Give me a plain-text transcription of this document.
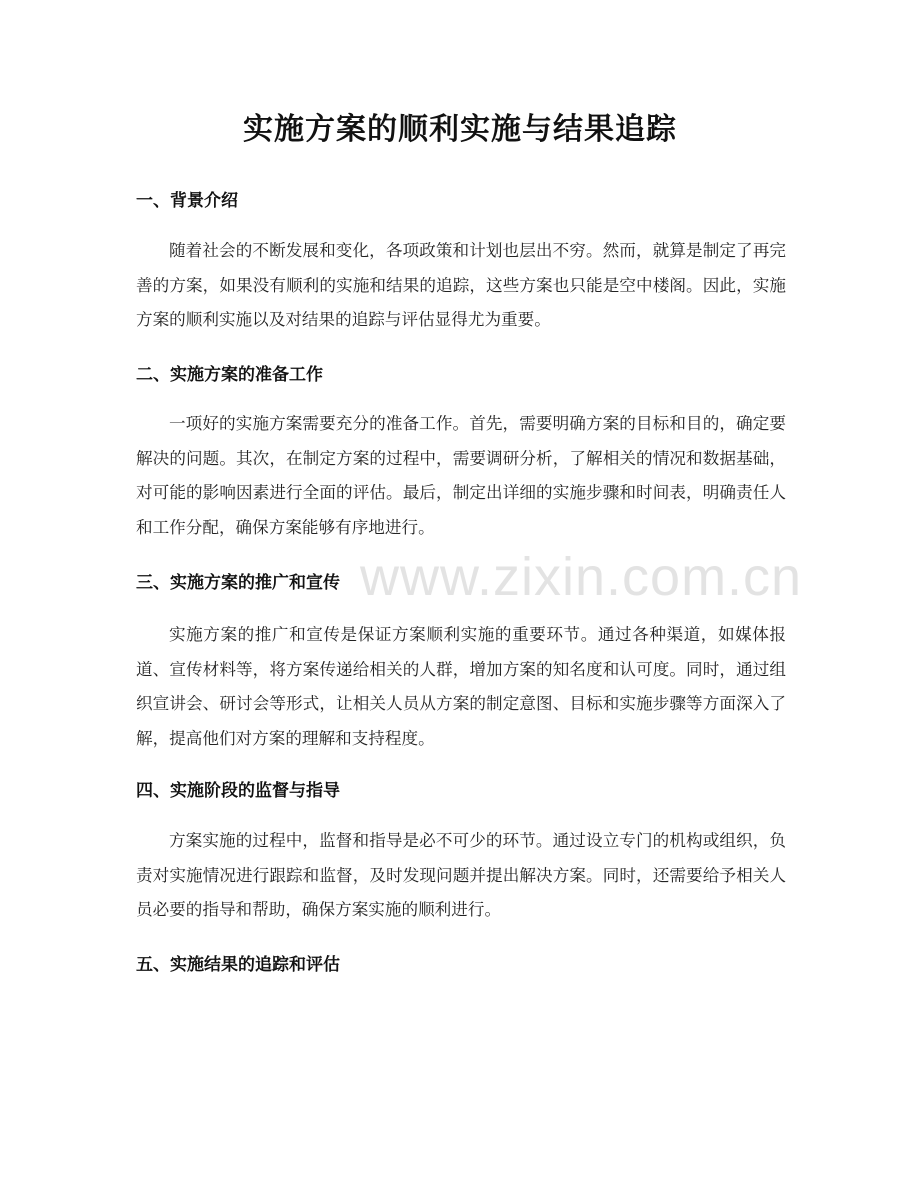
www.zixin.com.cn
实施方案的顺利实施与结果追踪
一、背景介绍
随着社会的不断发展和变化，各项政策和计划也层出不穷。然而，就算是制定了再完善的方案，如果没有顺利的实施和结果的追踪，这些方案也只能是空中楼阁。因此，实施方案的顺利实施以及对结果的追踪与评估显得尤为重要。
二、实施方案的准备工作
一项好的实施方案需要充分的准备工作。首先，需要明确方案的目标和目的，确定要解决的问题。其次，在制定方案的过程中，需要调研分析，了解相关的情况和数据基础，对可能的影响因素进行全面的评估。最后，制定出详细的实施步骤和时间表，明确责任人和工作分配，确保方案能够有序地进行。
三、实施方案的推广和宣传
实施方案的推广和宣传是保证方案顺利实施的重要环节。通过各种渠道，如媒体报道、宣传材料等，将方案传递给相关的人群，增加方案的知名度和认可度。同时，通过组织宣讲会、研讨会等形式，让相关人员从方案的制定意图、目标和实施步骤等方面深入了解，提高他们对方案的理解和支持程度。
四、实施阶段的监督与指导
方案实施的过程中，监督和指导是必不可少的环节。通过设立专门的机构或组织，负责对实施情况进行跟踪和监督，及时发现问题并提出解决方案。同时，还需要给予相关人员必要的指导和帮助，确保方案实施的顺利进行。
五、实施结果的追踪和评估
